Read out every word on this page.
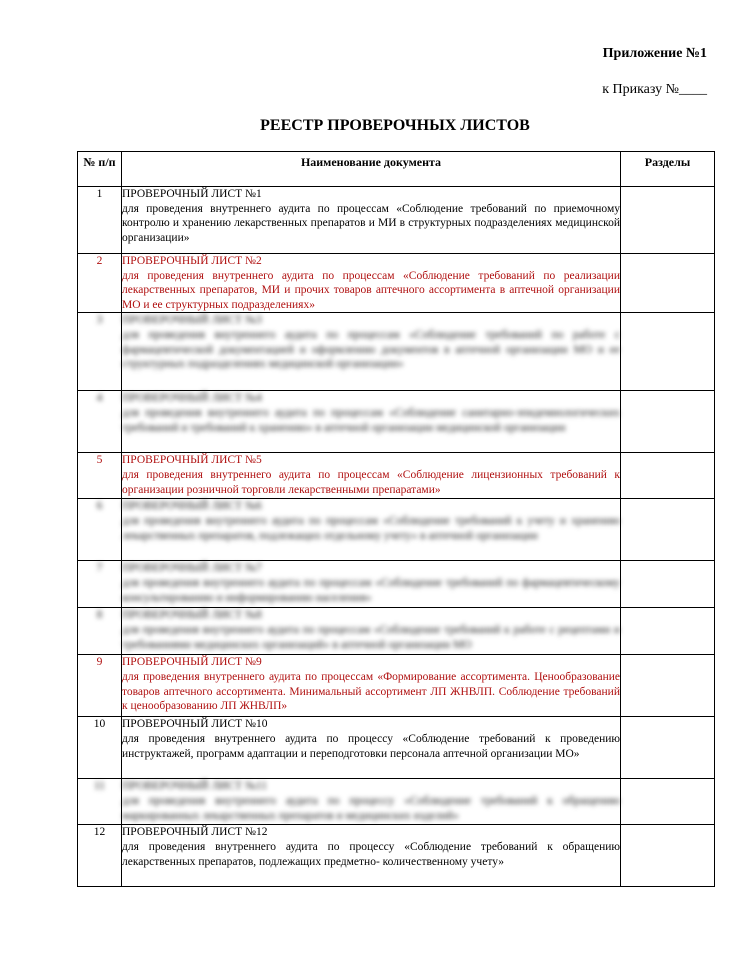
Приложение №1
к Приказу №____
РЕЕСТР ПРОВЕРОЧНЫХ ЛИСТОВ
№ п/п	Наименование документа	Разделы
1	ПРОВЕРОЧНЫЙ ЛИСТ №1
для проведения внутреннего аудита по процессам «Соблюдение требований по приемочному контролю и хранению лекарственных препаратов и МИ в структурных подразделениях медицинской организации»	

2	ПРОВЕРОЧНЫЙ ЛИСТ №2
для проведения внутреннего аудита по процессам «Соблюдение требований по реализации лекарственных препаратов, МИ и прочих товаров аптечного ассортимента в аптечной организации МО и ее структурных подразделениях»	

3	ПРОВЕРОЧНЫЙ ЛИСТ №3
для проведения внутреннего аудита по процессам «Соблюдение требований по работе с фармацевтической документацией и оформлению документов в аптечной организации МО и ее структурных подразделениях медицинской организации»	

4	ПРОВЕРОЧНЫЙ ЛИСТ №4
для проведения внутреннего аудита по процессам «Соблюдение санитарно-эпидемиологических требований и требований к хранению» в аптечной организации медицинской организации	

5	ПРОВЕРОЧНЫЙ ЛИСТ №5
для проведения внутреннего аудита по процессам «Соблюдение лицензионных требований к организации розничной торговли лекарственными препаратами»	

6	ПРОВЕРОЧНЫЙ ЛИСТ №6
для проведения внутреннего аудита по процессам «Соблюдение требований к учету и хранению лекарственных препаратов, подлежащих отдельному учету» в аптечной организации	

7	ПРОВЕРОЧНЫЙ ЛИСТ №7
для проведения внутреннего аудита по процессам «Соблюдение требований по фармацевтическому консультированию и информированию населения»	

8	ПРОВЕРОЧНЫЙ ЛИСТ №8
для проведения внутреннего аудита по процессам «Соблюдение требований к работе с рецептами и требованиями медицинских организаций» в аптечной организации МО	

9	ПРОВЕРОЧНЫЙ ЛИСТ №9
для проведения внутреннего аудита по процессам «Формирование ассортимента. Ценообразование товаров аптечного ассортимента. Минимальный ассортимент ЛП ЖНВЛП. Соблюдение требований к ценообразованию ЛП ЖНВЛП»	

10	ПРОВЕРОЧНЫЙ ЛИСТ №10
для проведения внутреннего аудита по процессу «Соблюдение требований к проведению инструктажей, программ адаптации и переподготовки персонала аптечной организации МО»	

11	ПРОВЕРОЧНЫЙ ЛИСТ №11
для проведения внутреннего аудита по процессу «Соблюдение требований к обращению маркированных лекарственных препаратов и медицинских изделий»	

12	ПРОВЕРОЧНЫЙ ЛИСТ №12
для проведения внутреннего аудита по процессу «Соблюдение требований к обращению лекарственных препаратов, подлежащих предметно- количественному учету»	
